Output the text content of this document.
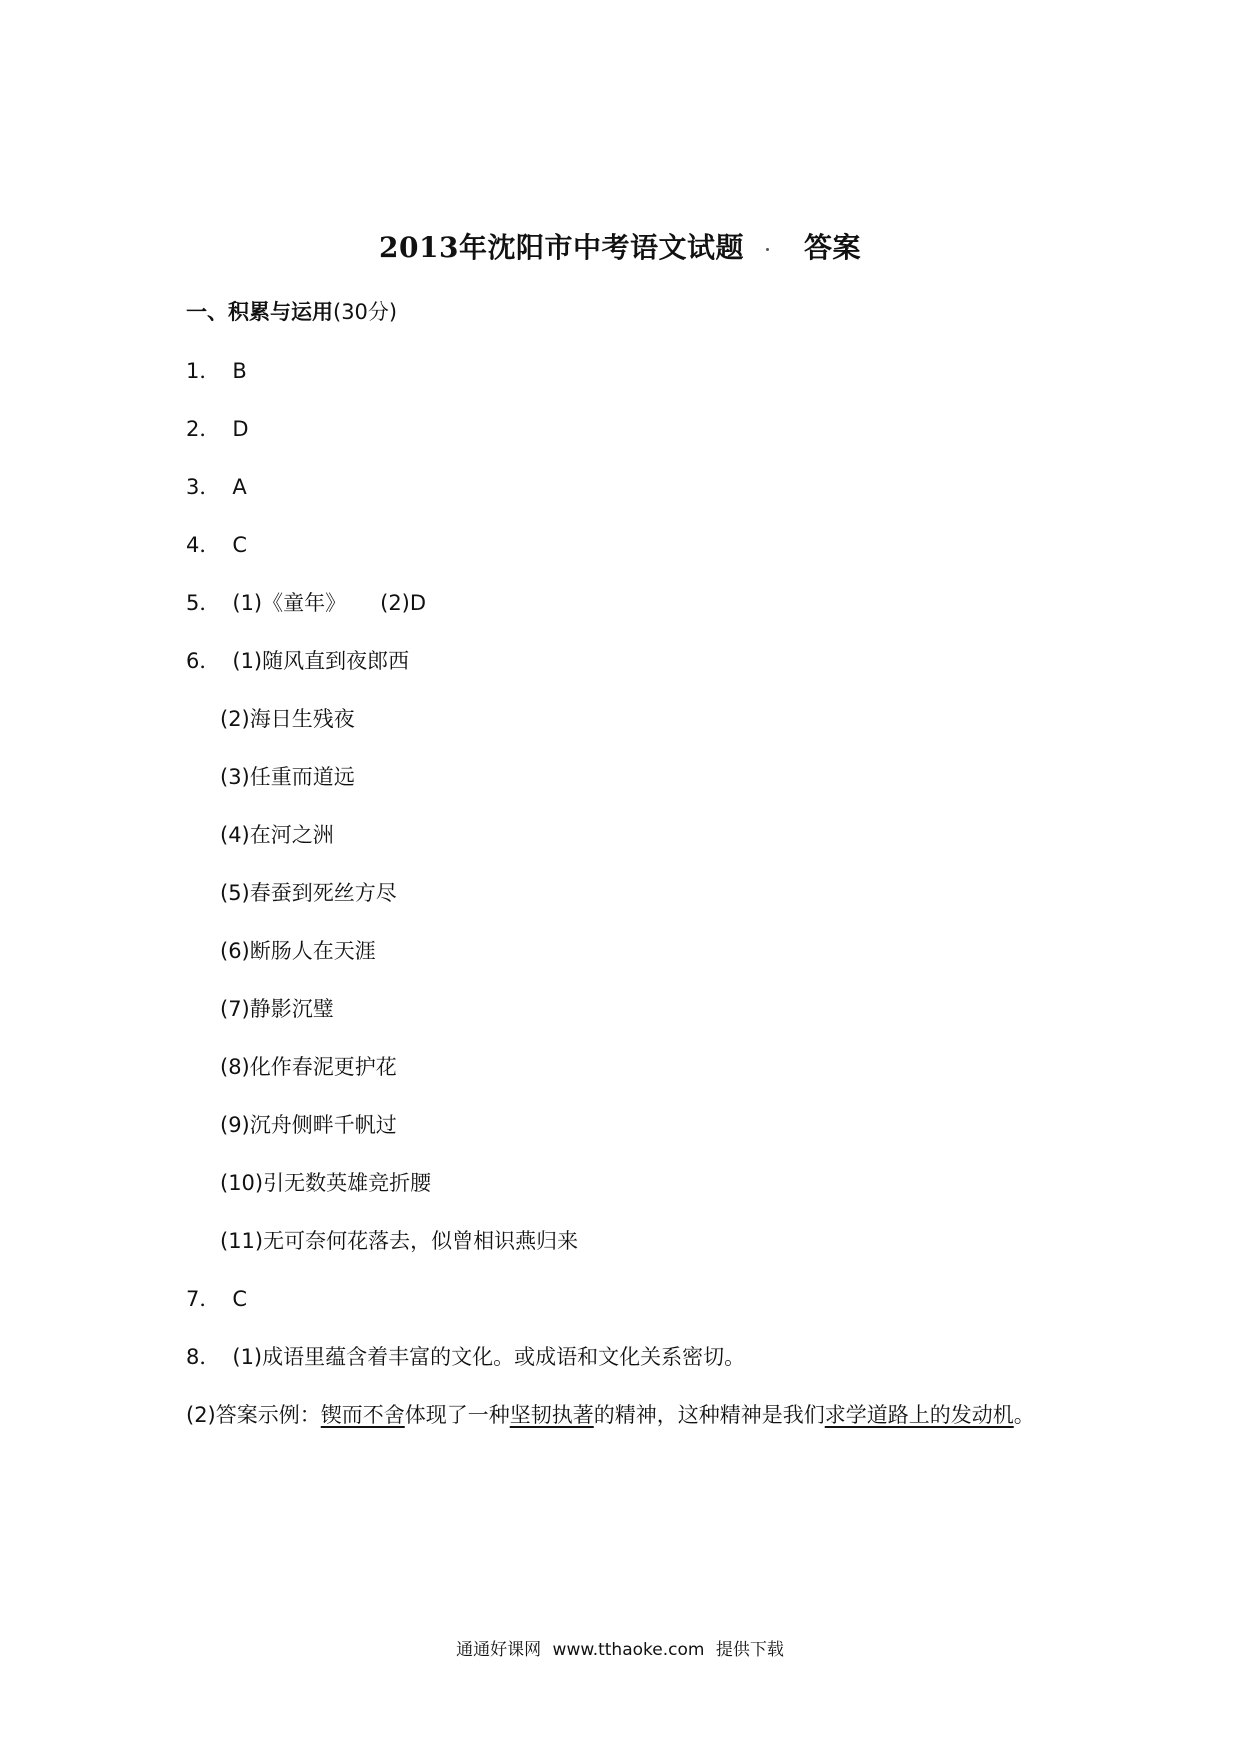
2013年沈阳市中考语文试题 答案
一、积累与运用(30分)
1． B
2． D
3． A
4． C
5． (1)《童年》 (2)D
6． (1)随风直到夜郎西
(2)海日生残夜
(3)任重而道远
(4)在河之洲
(5)春蚕到死丝方尽
(6)断肠人在天涯
(7)静影沉璧
(8)化作春泥更护花
(9)沉舟侧畔千帆过
(10)引无数英雄竞折腰
(11)无可奈何花落去，似曾相识燕归来
7． C
8． (1)成语里蕴含着丰富的文化。或成语和文化关系密切。
(2)答案示例：锲而不舍体现了一种坚韧执著的精神，这种精神是我们求学道路上的发动机。
通通好课网 www.tthaoke.com 提供下载
